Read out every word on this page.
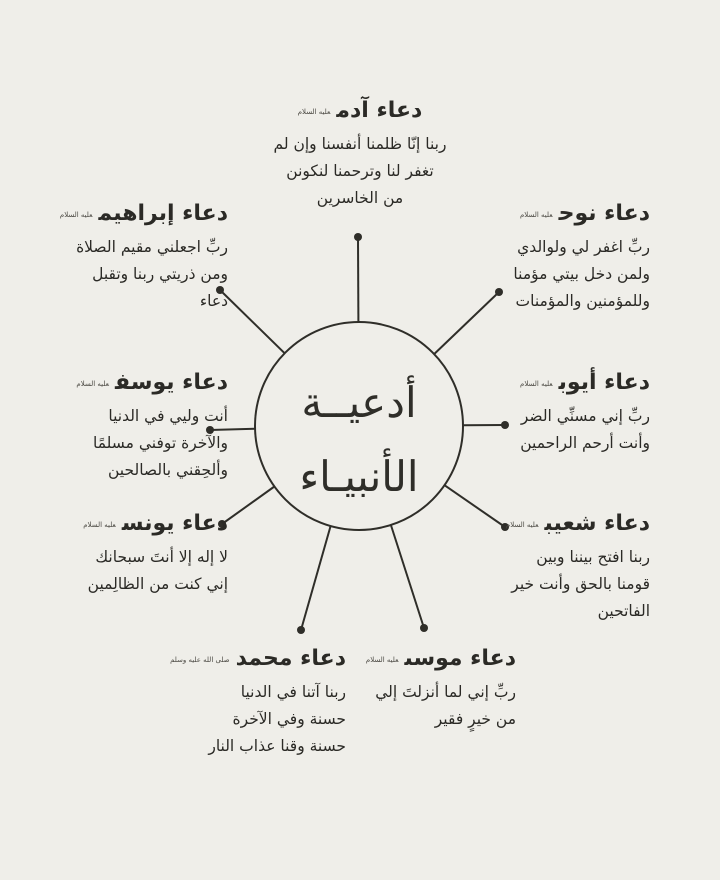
أدعيــة
الأنبيـاء
دعاء آدمعليه السلام
ربنا إنّا ظلمنا أنفسنا وإن لم
تغفر لنا وترحمنا لنكونن
من الخاسرين
دعاء نوحعليه السلام
ربِّ اغفر لي ولوالدي
ولمن دخل بيتي مؤمنا
وللمؤمنين والمؤمنات
دعاء أيوبعليه السلام
ربِّ إني مسنِّي الضر
وأنت أرحم الراحمين
دعاء شعيبعليه السلام
ربنا افتح بيننا وبين
قومنا بالحق وأنت خير
الفاتحين
دعاء موسىعليه السلام
ربِّ إني لما أنزلتَ إلي
من خيرٍ فقير
دعاء محمدصلى الله عليه وسلم
ربنا آتنا في الدنيا
حسنة وفي الآخرة
حسنة وقنا عذاب النار
دعاء يونسعليه السلام
لا إله إلا أنتَ سبحانك
إني كنت من الظالِمين
دعاء يوسفعليه السلام
أنت وليي في الدنيا
والآخرة توفني مسلمًا
وألحِقني بالصالحين
دعاء إبراهيمعليه السلام
ربِّ اجعلني مقيم الصلاة
ومن ذريتي ربنا وتقبل
دعاء
